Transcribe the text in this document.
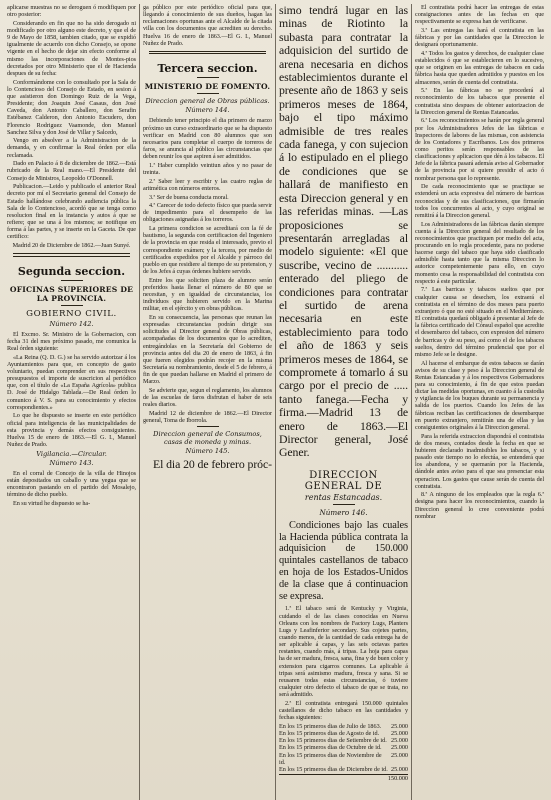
aplicarse muestras no se deroguen ó modifiquen por otro posterior:

Considerando en fin que no ha sido derogado ni modificado por otro alguno este decreto, y que el de 9 de Mayo de 1858, tambien citado, que se expidió igualmente de acuerdo con dicho Consejo, se opone vigente en el hecho de dejar sin efecto conforme al mismo las incorporaciones de Montes-pios decretados por otro Ministerio que el de Hacienda despues de su fecha:

Conformándome con lo consultado por la Sala de lo Contencioso del Consejo de Estado, en sesion á que asistieron don Domingo Ruiz de la Vega, Presidente; don Joaquin José Casaus, don José Caveda, don Antonio Caballero, don Serafin Estébanez Calderon, don Antonio Escudero, don Florencio Rodriguez Vaamonde, don Manuel Sanchez Silva y don José de Villar y Salcedo,

Vengo en absolver a la Administracion de la demanda, y en confirmar la Real órden por ella reclamada.

Dado en Palacio á 8 de diciembre de 1862.—Está rubricado de la Real mano.—El Presidente del Consejo de Ministros, Leopoldo O'Donnell.

Publicacion.—Leido y publicado el anterior Real decreto por mí el Secretario general del Consejo de Estado hallándose celebrando audiencia pública la Sala de lo Contencioso, acordó que se tenga como resolucion final en la instancia y autos á que se refiere; que se una á los mismos; se notifique en forma á las partes, y se inserte en la Gaceta. De que certifico:

Madrid 20 de Diciembre de 1862.—Juan Sunyé.

Segunda seccion.
OFICINAS SUPERIORES DE LA PROVINCIA.
GOBIERNO CIVIL.
Número 142.

El Excmo. Sr. Ministro de la Gobernacion, con fecha 31 del mes próximo pasado, me comunica la Real órden siguiente:

«La Reina (Q. D. G.) se ha servido autorizar á los Ayuntamientos para que, en concepto de gasto voluntario, puedan comprender en sus respectivos presupuestos el importe de suscricion al periódico que, con el título de «La España Agrícola» publica D. José de Hidalgo Tablada.—De Real órden lo comunico á V. S. para su conocimiento y efectos correspondientes.»

Lo que he dispuesto se inserte en este periódico oficial para inteligencia de las municipalidades de esta provincia y demás efectos consiguientes. Huelva 15 de enero de 1863.—El G. I., Manuel Nuñez de Prado.

Vigilancia.—Circular.
Número 143.

En el corral de Concejo de la villa de Hinojos están depositados un caballo y una yegua que se encontraron pastando en el partido del Mosalejo, término de dicho pueblo.

En su virtud he dispuesto se ha-

ga público por este periódico oficial para que, llegando á conocimiento de sus dueños, hagan las reclamaciones oportunas ante el Alcalde de la citada villa con los documentos que acrediten su derecho. Huelva 16 de enero de 1863.—El G. I., Manuel Nuñez de Prado.

Tercera seccion.
MINISTERIO DE FOMENTO.
Direccion general de Obras públicas.
Número 144.

Debiendo tener principio el dia primero de marzo próximo un curso extraordinario que se ha dispuesto verificar en Madrid con 80 alumnos que son necesarios para completar el cuerpo de torreros de faros, se anuncia al público las circunstancias que deben reunir los que aspiren á ser admitidos.

1.ª Haber cumplido veintiun años y no pasar de treinta.

2.ª Saber leer y escribir y las cuatro reglas de aritmética con números enteros.

3.ª Ser de buena conducta moral.

4.ª Carecer de todo defecto físico que pueda servir de impedimento para el desempeño de las obligaciones asignadas á los torreros.

La primera condicion se acreditará con la fé de bautismo, la segunda con certificacion del Ingeniero de la provincia en que resida el interesado, previo el correspondiente exámen; y la tercera, por medio de certificados expedidos por el Alcalde y párroco del pueblo en que residiere al tiempo de su pretension, y de los Jefes á cuyas órdenes hubiere servido.

Entre los que soliciten plaza de alumno serán preferidos hasta llenar el número de 80 que se necesitan, y en igualdad de circunstancias, los individuos que hubieren servido en la Marina militar, en el ejército y en obras públicas.

En su consecuencia, las personas que reunan las expresadas circunstancias podrán dirigir sus solicitudes al Director general de Obras públicas, acompañadas de los documentos que lo acrediten, entregándolas en la Secretaría del Gobierno de provincia antes del dia 20 de enero de 1863, á fin que fueren elegidos podrán recojer en la misma Secretaría su nombramiento, desde el 5 de febrero, á fin de que puedan hallarse en Madrid el primero de Marzo.

Se advierte que, segun el reglamento, los alumnos de las escuelas de faros disfrutan el haber de seis reales diarios.

Madrid 12 de diciembre de 1862.—El Director general, Toma de Iborrola.

Direccion general de Consumos, casas de moneda y minas.
Número 145.

El dia 20 de febrero próc-

simo tendrá lugar en las minas de Riotinto la subasta para contratar la adquisicion del surtido de arena necesaria en dichos establecimientos durante el presente año de 1863 y seis primeros meses de 1864, bajo el tipo máximo admisible de tres reales cada fanega, y con sujecion á lo estipulado en el pliego de condiciones que se hallará de manifiesto en esta Direccion general y en las referidas minas. —Las proposiciones se presentarán arregladas al modelo siguiente: «El que suscribe, vecino de ........... enterado del pliego de condiciones para contratar el surtido de arena necesaria en este establecimiento para todo el año de 1863 y seis primeros meses de 1864, se compromete á tomarlo á su cargo por el precio de ..... tanto fanega.—Fecha y firma.—Madrid 13 de enero de 1863.—El Director general, José Gener.

DIRECCION GENERAL DE
rentas Estancadas.
Número 146.

Condiciones bajo las cuales la Hacienda pública contrata la adquisicion de 150.000 quintales castellanos de tabaco en hoja de los Estados-Unidos de la clase que á continuacion se expresa.

1.ª El tabaco será de Kentucky y Virginia, cuidando el de las clases conocidas en Nueva Orleans con los nombres de Factory Lugs, Planters Lugs y Leafinferior secondary. Sus cojetes partes, cuando menos, de la cantidad de cada entrega ha de ser aplicable á capas, y las seis octavas partes restantes, cuando más, á tripas. La hoja para capas ha de ser madura, fresca, sana, fina y de buen color y extension para cigarros comunes. La aplicable á tripas será asimismo madura, fresca y sana. Si se reusaren todas estas circunstancias, ó tuviere cualquier otro defecto el tabaco de que se trata, no será admitido.

2.ª El contratista entregará 150.000 quintales castellanos de dicho tabaco en las cantidades y fechas siguientes:

En los 15 primeros dias de Julio de 1863.	25.000
En los 15 primeros dias de Agosto de id.	25.000
En los 15 primeros dias de Setiembre de id. 25.000
En los 15 primeros dias de Octubre de id.	25.000
En los 15 primeros dias de Noviembre de id.
25.000
En los 15 primeros dias de Diciembre de id. 25.000
150.000

El contratista podrá hacer las entregas de estas consignaciones antes de las fechas en que respectivamente se expresa han de verificarse.

3.ª Las entregas las hará el contratista en las fábricas y por las cantidades que la Direccion le designará oportunamente.

4.ª Todos los gastos y derechos, de cualquier clase establecidos ó que se establecieren en lo sucesivo, que se originen en las entregas de tabacos en cada fábrica hasta que queden admitidos y puestos en los almacenes, serán de cuenta del contratista.

5.ª En las fábricas no se procederá al reconocimiento de los tabacos que presente el contratista sino despues de obtener autorizacion de la Direccion general de Rentas Estancadas.

6.ª Los reconocimientos se harán por regla general por los Administradores Jefes de las fábricas e Inspectores de labores de las mismas, con asistencia de los Contadores y Escribanos. Los dos primeros como peritos serán responsables de las clasificaciones y aplicacion que dén á los tabacos. El Jefe de la fábrica pasará además aviso al Gobernador de la provincia por si quiere presidir el acto ó nombrar persona que lo represente.

De cada reconocimiento que se practique se extenderá un acta expresiva del número de barricas reconocidas y de sus clasificaciones, que firmarán todos los concurrentes al acto, y cuyo original se remitirá á la Direccion general.

Los Administradores de las fábricas darán siempre cuenta á la Direccion general del resultado de los reconocimientos que practiquen por medio del acta, procurando en lo regla procedente, para no poderse hacerse cargo del tabaco que haya sido clasificado admisible hasta tanto que la misma Direccion lo autorice competentemente para ello, en cuyo momento cesa la responsabilidad del contratista con respecto á este particular.

7.ª Las barricas y tabacos sueltos que por cualquier causa se desechen, los extraerá el contratista en el término de dos meses para puerto extranjero ó que no esté situado en el Mediterráneo. El contratista quedará obligado á presentar al Jefe de la fábrica certificado del Cónsul español que acredite el desembarco del tabaco, con expresion del número de barricas y de su peso, así como el de los tabacos sueltos, dentro del término prudencial que por el mismo Jefe se le designe.

Al hacerse el embarque de estos tabacos se darán avisos de su clase y peso á la Direccion general de Rentas Estancadas y á los respectivos Gobernadores para su conocimiento, á fin de que estos puedan dictar las medidas oportunas, en cuanto á la custodia y vigilancia de los buques durante su permanencia y salida de los puertos. Cuando los Jefes de las fábricas reciban las certificaciones de desembarque en puerto extranjero, remitirán una de ellas y las consiguientes originales á la Direccion general.

Para la referida extraccion dispondrá el contratista de dos meses, contados desde la fecha en que se hubieren declarado inadmisibles los tabacos, y si pasado este tiempo no lo efectúa, se entenderá que los abandona, y se quemarán por la Hacienda, dándole antes aviso para el que sea presenciar esta operacion. Los gastos que cause serán de cuenta del contratista.

8.ª A ninguno de los empleados que la regla 6.ª designa para hacer los reconocimientos, cuando la Direccion general lo cree conveniente podrá nombrar
